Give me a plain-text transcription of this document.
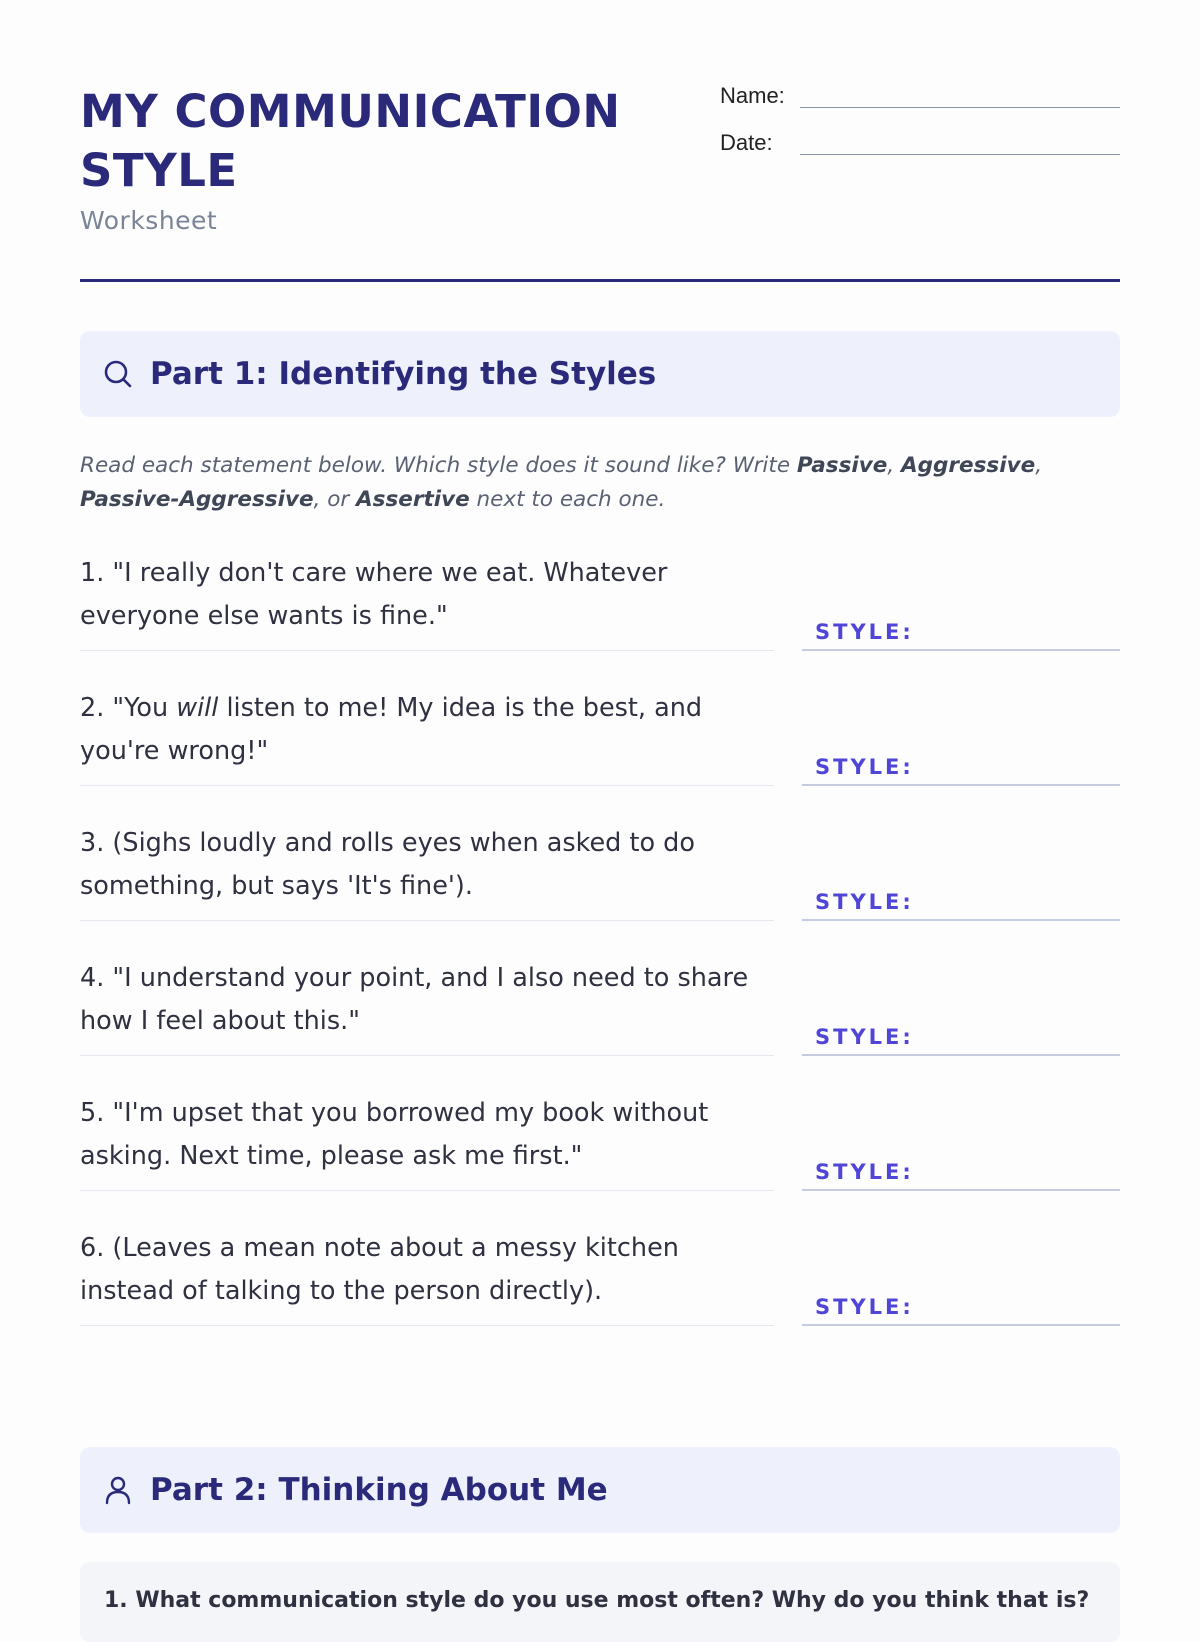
MY COMMUNICATION STYLE
Worksheet
Name:
Date:
Part 1: Identifying the Styles

Read each statement below. Which style does it sound like? Write Passive, Aggressive, Passive-Aggressive, or Assertive next to each one.

1. "I really don't care where we eat. Whatever everyone else wants is fine."
STYLE:
2. "You will listen to me! My idea is the best, and you're wrong!"
STYLE:
3. (Sighs loudly and rolls eyes when asked to do something, but says 'It's fine').
STYLE:
4. "I understand your point, and I also need to share how I feel about this."
STYLE:
5. "I'm upset that you borrowed my book without asking. Next time, please ask me first."
STYLE:
6. (Leaves a mean note about a messy kitchen instead of talking to the person directly).
STYLE:
Part 2: Thinking About Me
1. What communication style do you use most often? Why do you think that is?
